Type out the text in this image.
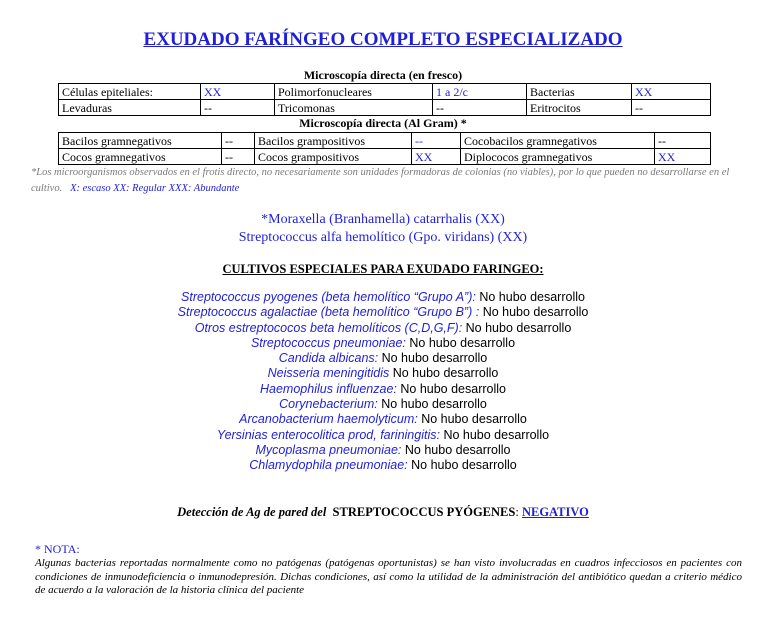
EXUDADO FARÍNGEO COMPLETO ESPECIALIZADO
Microscopía directa (en fresco)
Células epiteliales:	XX	Polimorfonucleares	1 a 2/c	Bacterias	XX
Levaduras	--	Tricomonas	--	Eritrocitos	--
Microscopía directa (Al Gram) *
Bacilos gramnegativos	--	Bacilos grampositivos	--	Cocobacilos gramnegativos	--
Cocos gramnegativos	--	Cocos grampositivos	XX	Diplococos gramnegativos	XX
*Los microorganismos observados en el frotis directo, no necesariamente son unidades formadoras de colonias (no viables), por lo que pueden no desarrollarse en el cultivo. X: escaso XX: Regular XXX: Abundante
*Moraxella (Branhamella) catarrhalis (XX)
Streptococcus alfa hemolítico (Gpo. viridans) (XX)
CULTIVOS ESPECIALES PARA EXUDADO FARINGEO:
Streptococcus pyogenes (beta hemolítico “Grupo A”): No hubo desarrollo
Streptococcus agalactiae (beta hemolítico “Grupo B”) : No hubo desarrollo
Otros estreptococos beta hemolíticos (C,D,G,F): No hubo desarrollo
Streptococcus pneumoniae: No hubo desarrollo
Candida albicans: No hubo desarrollo
Neisseria meningitidis No hubo desarrollo
Haemophilus influenzae: No hubo desarrollo
Corynebacterium: No hubo desarrollo
Arcanobacterium haemolyticum: No hubo desarrollo
Yersinias enterocolitica prod, fariningitis: No hubo desarrollo
Mycoplasma pneumoniae: No hubo desarrollo
Chlamydophila pneumoniae: No hubo desarrollo
Detección de Ag de pared del STREPTOCOCCUS PYÓGENES: NEGATIVO
* NOTA:
Algunas bacterias reportadas normalmente como no patógenas (patógenas oportunistas) se han visto involucradas en cuadros infecciosos en pacientes con condiciones de inmunodeficiencia o inmunodepresión. Dichas condiciones, así como la utilidad de la administración del antibiótico quedan a criterio médico de acuerdo a la valoración de la historia clínica del paciente
